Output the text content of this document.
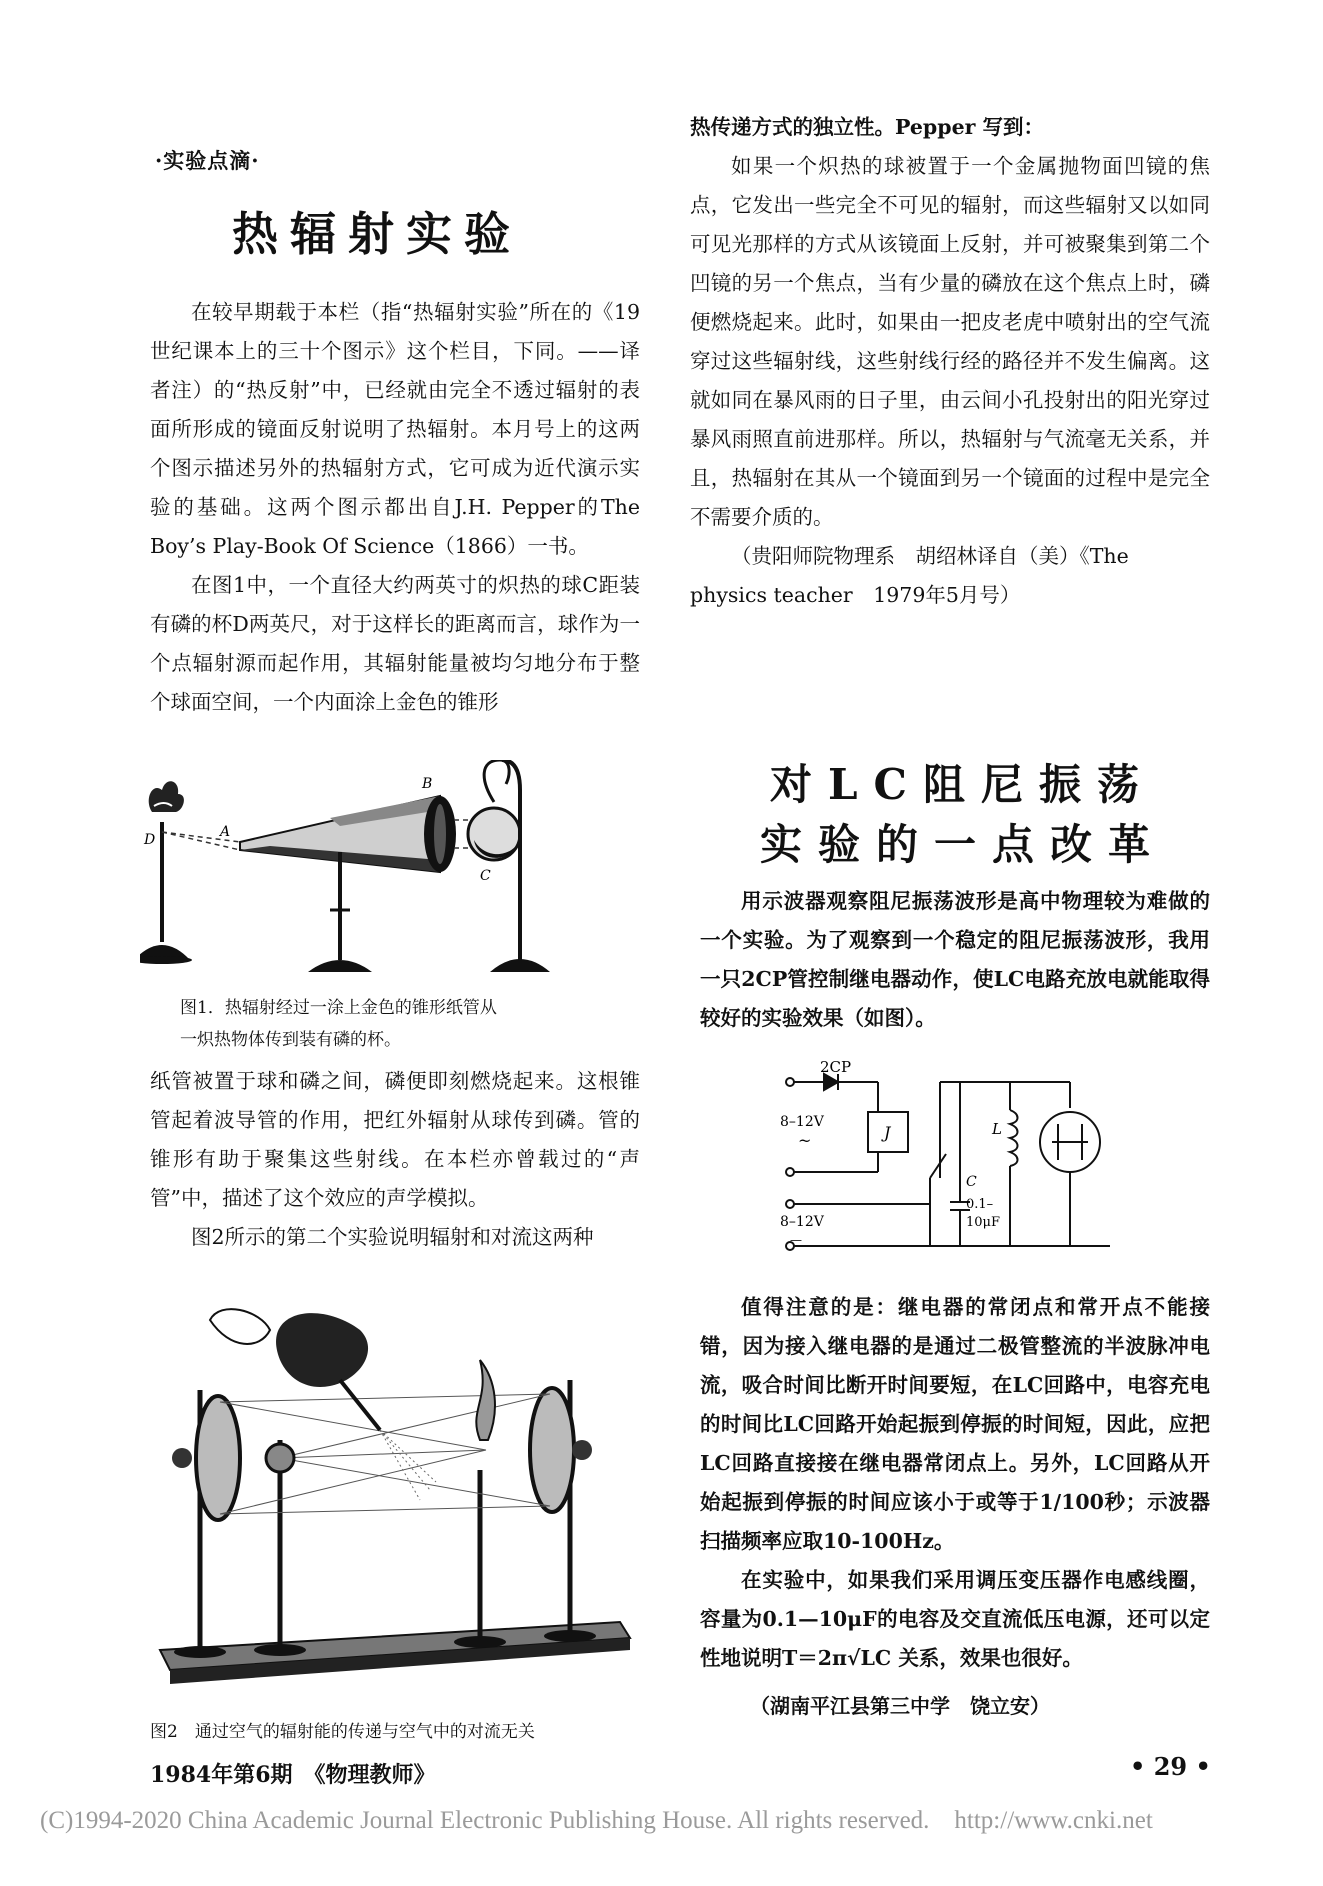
·实验点滴·
热辐射实验

在较早期载于本栏（指“热辐射实验”所在的《19世纪课本上的三十个图示》这个栏目，下同。——译者注）的“热反射”中，已经就由完全不透过辐射的表面所形成的镜面反射说明了热辐射。本月号上的这两个图示描述另外的热辐射方式，它可成为近代演示实验的基础。这两个图示都出自J.H. Pepper的The Boy’s Play-Book Of Science（1866）一书。

在图1中，一个直径大约两英寸的炽热的球C距装有磷的杯D两英尺，对于这样长的距离而言，球作为一个点辐射源而起作用，其辐射能量被均匀地分布于整个球面空间，一个内面涂上金色的锥形

A
B
C
D

图1．热辐射经过一涂上金色的锥形纸管从

一炽热物体传到装有磷的杯。

纸管被置于球和磷之间，磷便即刻燃烧起来。这根锥管起着波导管的作用，把红外辐射从球传到磷。管的锥形有助于聚集这些射线。在本栏亦曾载过的“声管”中，描述了这个效应的声学模拟。

图2所示的第二个实验说明辐射和对流这两种

图2　通过空气的辐射能的传递与空气中的对流无关

热传递方式的独立性。Pepper 写到：

如果一个炽热的球被置于一个金属抛物面凹镜的焦点，它发出一些完全不可见的辐射，而这些辐射又以如同可见光那样的方式从该镜面上反射，并可被聚集到第二个凹镜的另一个焦点，当有少量的磷放在这个焦点上时，磷便燃烧起来。此时，如果由一把皮老虎中喷射出的空气流穿过这些辐射线，这些射线行经的路径并不发生偏离。这就如同在暴风雨的日子里，由云间小孔投射出的阳光穿过暴风雨照直前进那样。所以，热辐射与气流毫无关系，并且，热辐射在其从一个镜面到另一个镜面的过程中是完全不需要介质的。

（贵阳师院物理系　胡绍林译自（美）《The

physics teacher　1979年5月号）

对LC阻尼振荡
实验的一点改革

用示波器观察阻尼振荡波形是高中物理较为难做的一个实验。为了观察到一个稳定的阻尼振荡波形，我用一只2CP管控制继电器动作，使LC电路充放电就能取得较好的实验效果（如图）。

2CP
8–12V
~	J	L
C
0.1–
10μF
8–12V
—

值得注意的是：继电器的常闭点和常开点不能接错，因为接入继电器的是通过二极管整流的半波脉冲电流，吸合时间比断开时间要短，在LC回路中，电容充电的时间比LC回路开始起振到停振的时间短，因此，应把LC回路直接接在继电器常闭点上。另外，LC回路从开始起振到停振的时间应该小于或等于1/100秒；示波器扫描频率应取10-100Hz。

在实验中，如果我们采用调压变压器作电感线圈，容量为0.1—10μF的电容及交直流低压电源，还可以定性地说明T＝2π√LC 关系，效果也很好。

（湖南平江县第三中学　饶立安）

1984年第6期　《物理教师》	• 29 •
(C)1994-2020 China Academic Journal Electronic Publishing House. All rights reserved.　http://www.cnki.net
